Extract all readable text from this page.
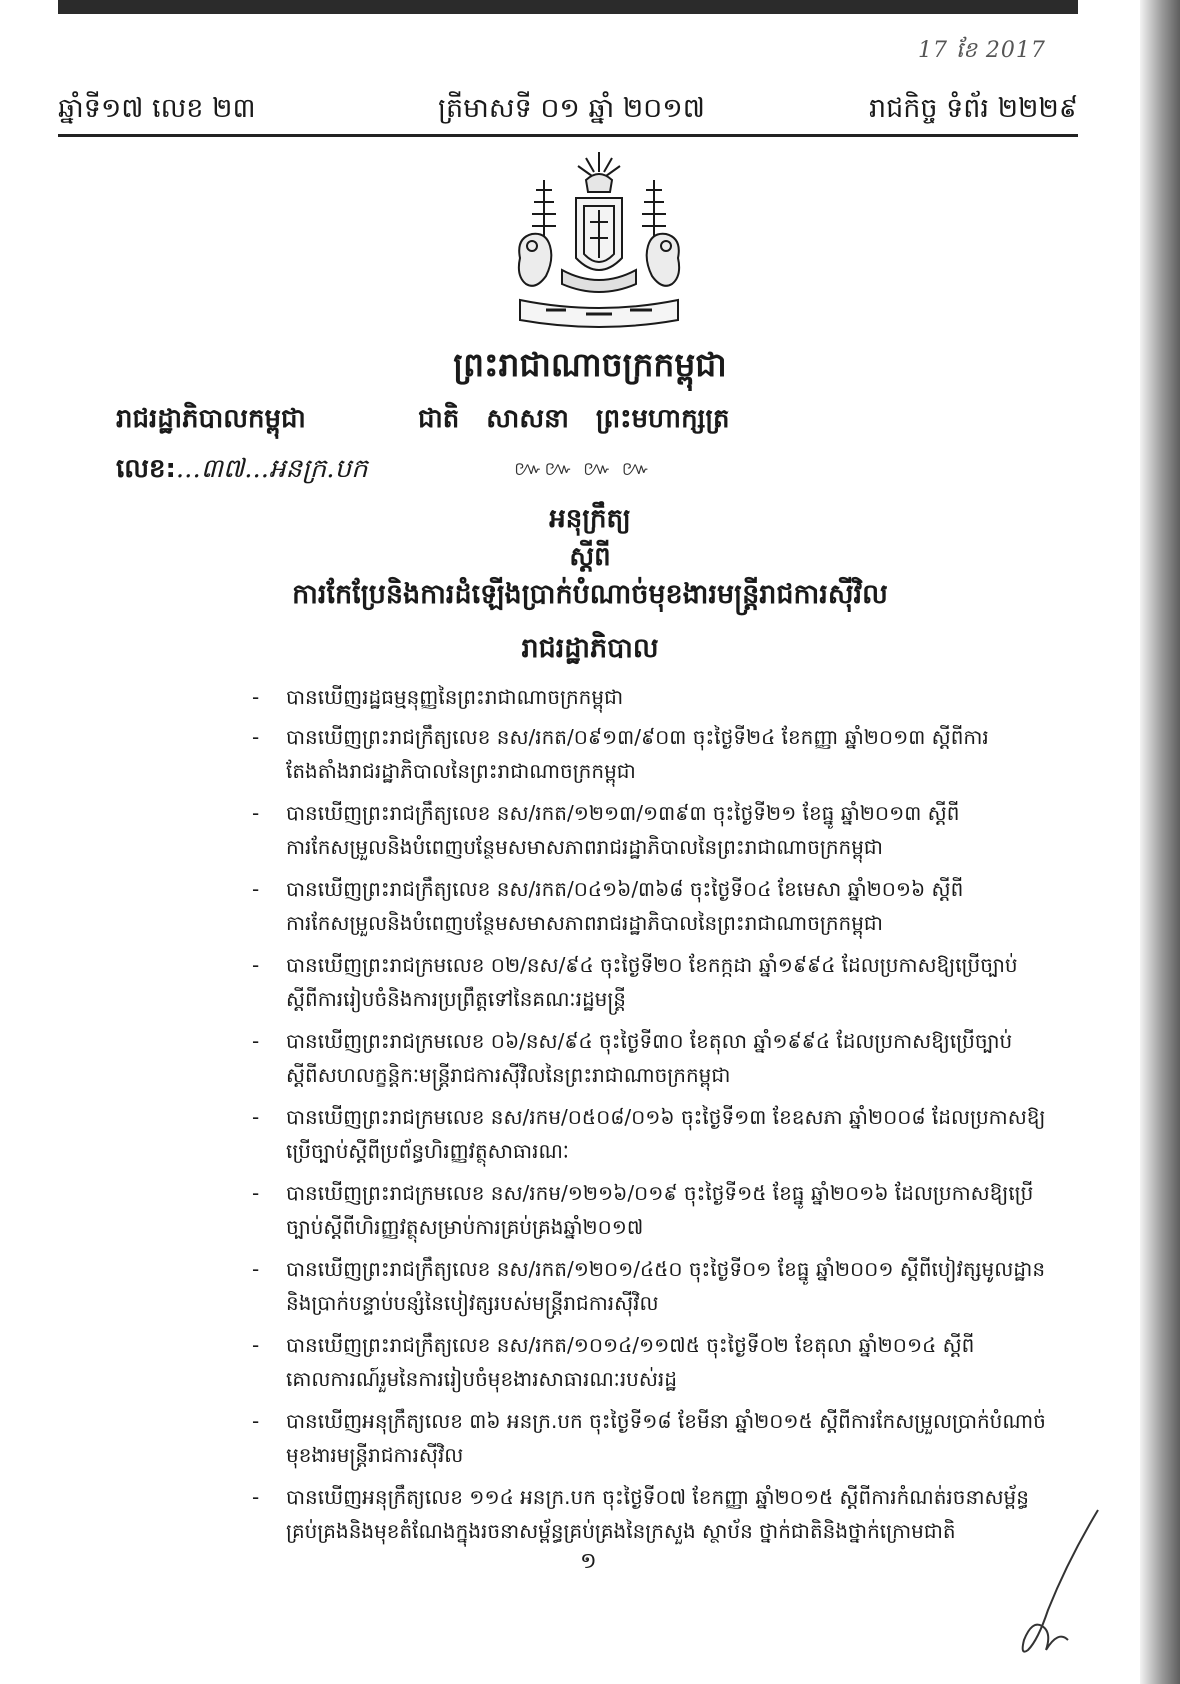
17 ខែ 2017
ឆ្នាំទី១៧ លេខ ២៣	ត្រីមាសទី ០១ ឆ្នាំ ២០១៧	រាជកិច្ច ទំព័រ ២២២៩
ព្រះរាជាណាចក្រកម្ពុជា
រាជរដ្ឋាភិបាលកម្ពុជា	ជាតិ សាសនា ព្រះមហាក្សត្រ
លេខ:...៣៧...អនក្រ.បក	៚៚ ៚ ៚
អនុក្រឹត្យ
ស្តីពី
ការកែប្រែនិងការដំឡើងប្រាក់បំណាច់មុខងារមន្ត្រីរាជការស៊ីវិល
រាជរដ្ឋាភិបាល
- បានឃើញរដ្ឋធម្មនុញ្ញនៃព្រះរាជាណាចក្រកម្ពុជា
- បានឃើញព្រះរាជក្រឹត្យលេខ នស/រកត/០៩១៣/៩០៣ ចុះថ្ងៃទី២៤ ខែកញ្ញា ឆ្នាំ២០១៣ ស្តីពីការតែងតាំងរាជរដ្ឋាភិបាលនៃព្រះរាជាណាចក្រកម្ពុជា
- បានឃើញព្រះរាជក្រឹត្យលេខ នស/រកត/១២១៣/១៣៩៣ ចុះថ្ងៃទី២១ ខែធ្នូ ឆ្នាំ២០១៣ ស្តីពីការកែសម្រួលនិងបំពេញបន្ថែមសមាសភាពរាជរដ្ឋាភិបាលនៃព្រះរាជាណាចក្រកម្ពុជា
- បានឃើញព្រះរាជក្រឹត្យលេខ នស/រកត/០៤១៦/៣៦៨ ចុះថ្ងៃទី០៤ ខែមេសា ឆ្នាំ២០១៦ ស្តីពីការកែសម្រួលនិងបំពេញបន្ថែមសមាសភាពរាជរដ្ឋាភិបាលនៃព្រះរាជាណាចក្រកម្ពុជា
- បានឃើញព្រះរាជក្រមលេខ ០២/នស/៩៤ ចុះថ្ងៃទី២០ ខែកក្កដា ឆ្នាំ១៩៩៤ ដែលប្រកាសឱ្យប្រើច្បាប់ស្តីពីការរៀបចំនិងការប្រព្រឹត្តទៅនៃគណៈរដ្ឋមន្ត្រី
- បានឃើញព្រះរាជក្រមលេខ ០៦/នស/៩៤ ចុះថ្ងៃទី៣០ ខែតុលា ឆ្នាំ១៩៩៤ ដែលប្រកាសឱ្យប្រើច្បាប់ស្តីពីសហលក្ខន្តិកៈមន្ត្រីរាជការស៊ីវិលនៃព្រះរាជាណាចក្រកម្ពុជា
- បានឃើញព្រះរាជក្រមលេខ នស/រកម/០៥០៨/០១៦ ចុះថ្ងៃទី១៣ ខែឧសភា ឆ្នាំ២០០៨ ដែលប្រកាសឱ្យប្រើច្បាប់ស្តីពីប្រព័ន្ធហិរញ្ញវត្ថុសាធារណៈ
- បានឃើញព្រះរាជក្រមលេខ នស/រកម/១២១៦/០១៩ ចុះថ្ងៃទី១៥ ខែធ្នូ ឆ្នាំ២០១៦ ដែលប្រកាសឱ្យប្រើច្បាប់ស្តីពីហិរញ្ញវត្ថុសម្រាប់ការគ្រប់គ្រងឆ្នាំ២០១៧
- បានឃើញព្រះរាជក្រឹត្យលេខ នស/រកត/១២០១/៤៥០ ចុះថ្ងៃទី០១ ខែធ្នូ ឆ្នាំ២០០១ ស្តីពីបៀវត្សមូលដ្ឋាននិងប្រាក់បន្ទាប់បន្សំនៃបៀវត្សរបស់មន្ត្រីរាជការស៊ីវិល
- បានឃើញព្រះរាជក្រឹត្យលេខ នស/រកត/១០១៤/១១៧៥ ចុះថ្ងៃទី០២ ខែតុលា ឆ្នាំ២០១៤ ស្តីពីគោលការណ៍រួមនៃការរៀបចំមុខងារសាធារណៈរបស់រដ្ឋ
- បានឃើញអនុក្រឹត្យលេខ ៣៦ អនក្រ.បក ចុះថ្ងៃទី១៨ ខែមីនា ឆ្នាំ២០១៥ ស្តីពីការកែសម្រួលប្រាក់បំណាច់មុខងារមន្ត្រីរាជការស៊ីវិល
- បានឃើញអនុក្រឹត្យលេខ ១១៤ អនក្រ.បក ចុះថ្ងៃទី០៧ ខែកញ្ញា ឆ្នាំ២០១៥ ស្តីពីការកំណត់រចនាសម្ព័ន្ធគ្រប់គ្រងនិងមុខតំណែងក្នុងរចនាសម្ព័ន្ធគ្រប់គ្រងនៃក្រសួង ស្ថាប័ន ថ្នាក់ជាតិនិងថ្នាក់ក្រោមជាតិ
១
